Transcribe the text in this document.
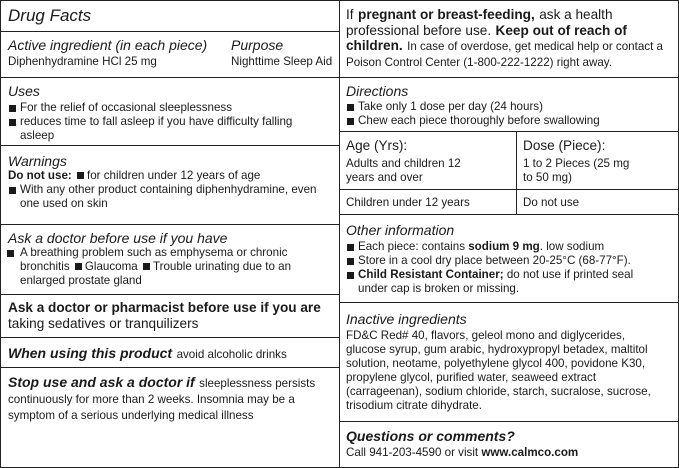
Drug Facts
Active ingredient (in each piece)
Diphenhydramine HCl 25 mg
Purpose
Nighttime Sleep Aid
Uses
For the relief of occasional sleeplessness
reduces time to fall asleep if you have difficulty falling asleep
Warnings
Do not use: for children under 12 years of age
With any other product containing diphenhydramine, even one used on skin
Ask a doctor before use if you have
A breathing problem such as emphysema or chronic bronchitis Glaucoma Trouble urinating due to an enlarged prostate gland
Ask a doctor or pharmacist before use if you are
taking sedatives or tranquilizers
When using this product avoid alcoholic drinks
Stop use and ask a doctor if sleeplessness persists continuously for more than 2 weeks. Insomnia may be a symptom of a serious underlying medical illness
If pregnant or breast-feeding, ask a health professional before use. Keep out of reach of children. In case of overdose, get medical help or contact a Poison Control Center (1-800-222-1222) right away.
Directions
Take only 1 dose per day (24 hours)
Chew each piece thoroughly before swallowing
Age (Yrs):
Adults and children 12 years and over
Dose (Piece):
1 to 2 Pieces (25 mg to 50 mg)
Children under 12 years	Do not use
Other information
Each piece: contains sodium 9 mg. low sodium
Store in a cool dry place between 20-25°C (68-77°F).
Child Resistant Container; do not use if printed seal under cap is broken or missing.
Inactive ingredients
FD&C Red# 40, flavors, geleol mono and diglycerides, glucose syrup, gum arabic, hydroxypropyl betadex, maltitol solution, neotame, polyethylene glycol 400, povidone K30, propylene glycol, purified water, seaweed extract (carrageenan), sodium chloride, starch, sucralose, sucrose, trisodium citrate dihydrate.
Questions or comments?
Call 941-203-4590 or visit www.calmco.com
